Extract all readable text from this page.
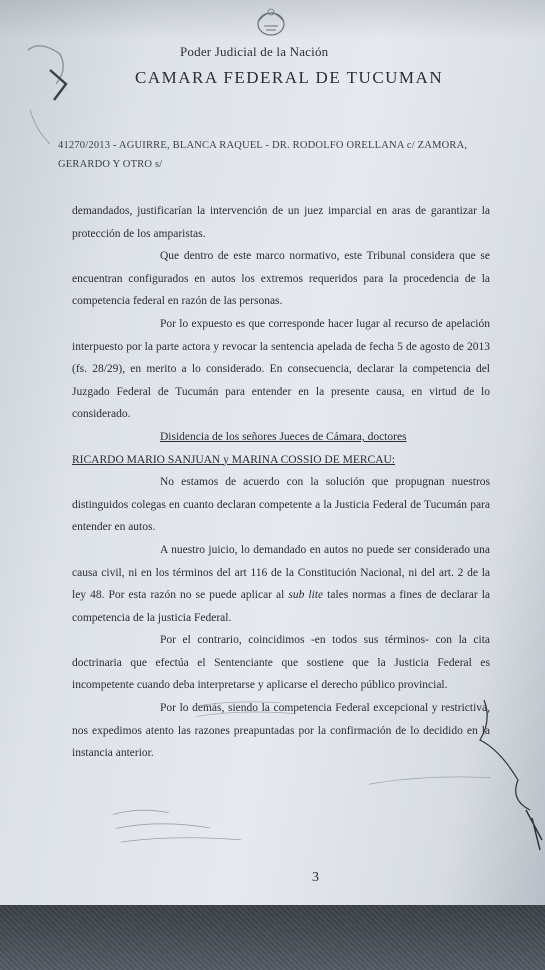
Poder Judicial de la Nación
CAMARA FEDERAL DE TUCUMAN
41270/2013 - AGUIRRE, BLANCA RAQUEL - DR. RODOLFO ORELLANA c/ ZAMORA, GERARDO Y OTRO s/

demandados, justificarían la intervención de un juez imparcial en aras de garantizar la protección de los amparistas.

Que dentro de este marco normativo, este Tribunal considera que se encuentran configurados en autos los extremos requeridos para la procedencia de la competencia federal en razón de las personas.

Por lo expuesto es que corresponde hacer lugar al recurso de apelación interpuesto por la parte actora y revocar la sentencia apelada de fecha 5 de agosto de 2013 (fs. 28/29), en merito a lo considerado. En consecuencia, declarar la competencia del Juzgado Federal de Tucumán para entender en la presente causa, en virtud de lo considerado.

Disidencia de los señores Jueces de Cámara, doctores

RICARDO MARIO SANJUAN y MARINA COSSIO DE MERCAU:

No estamos de acuerdo con la solución que propugnan nuestros distinguidos colegas en cuanto declaran competente a la Justicia Federal de Tucumán para entender en autos.

A nuestro juicio, lo demandado en autos no puede ser considerado una causa civil, ni en los términos del art 116 de la Constitución Nacional, ni del art. 2 de la ley 48. Por esta razón no se puede aplicar al sub lite tales normas a fines de declarar la competencia de la justicia Federal.

Por el contrario, coincidimos -en todos sus términos- con la cita doctrinaria que efectúa el Sentenciante que sostiene que la Justicia Federal es incompetente cuando deba interpretarse y aplicarse el derecho público provincial.

Por lo demás, siendo la competencia Federal excepcional y restrictiva, nos expedimos atento las razones preapuntadas por la confirmación de lo decidido en la instancia anterior.

3
